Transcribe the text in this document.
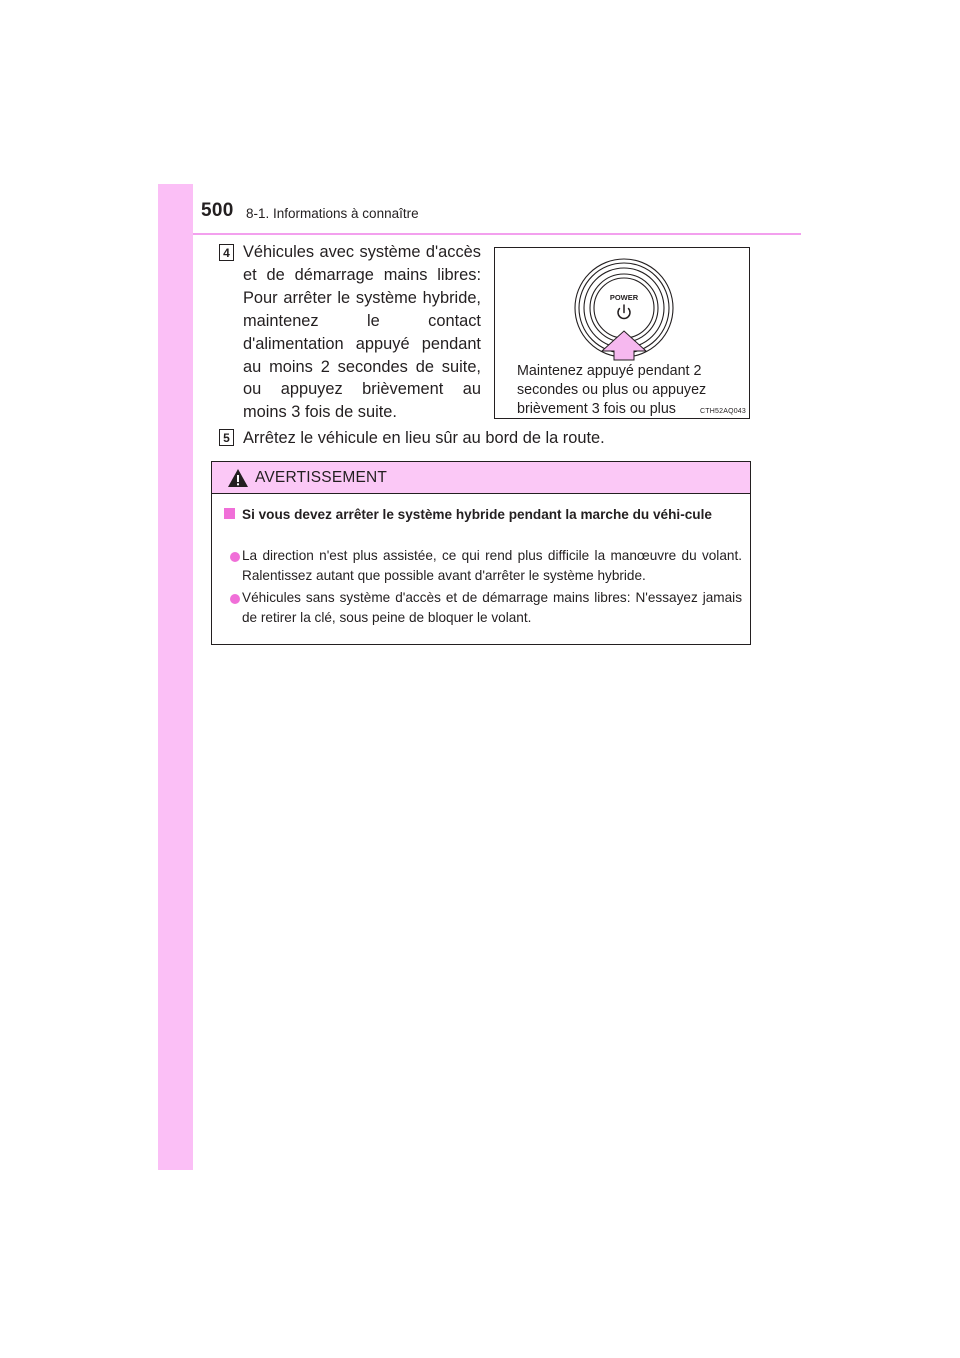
500 8-1. Informations à connaître
4 Véhicules avec système d'accès et de démarrage mains libres: Pour arrêter le système hybride, maintenez le contact d'alimentation appuyé pendant au moins 2 secondes de suite, ou appuyez brièvement au moins 3 fois de suite.
POWER
Maintenez appuyé pendant 2 secondes ou plus ou appuyez brièvement 3 fois ou plus	CTH52AQ043
5 Arrêtez le véhicule en lieu sûr au bord de la route.
AVERTISSEMENT
Si vous devez arrêter le système hybride pendant la marche du véhi-cule
La direction n'est plus assistée, ce qui rend plus difficile la manœuvre du volant. Ralentissez autant que possible avant d'arrêter le système hybride.
Véhicules sans système d'accès et de démarrage mains libres: N'essayez jamais de retirer la clé, sous peine de bloquer le volant.
